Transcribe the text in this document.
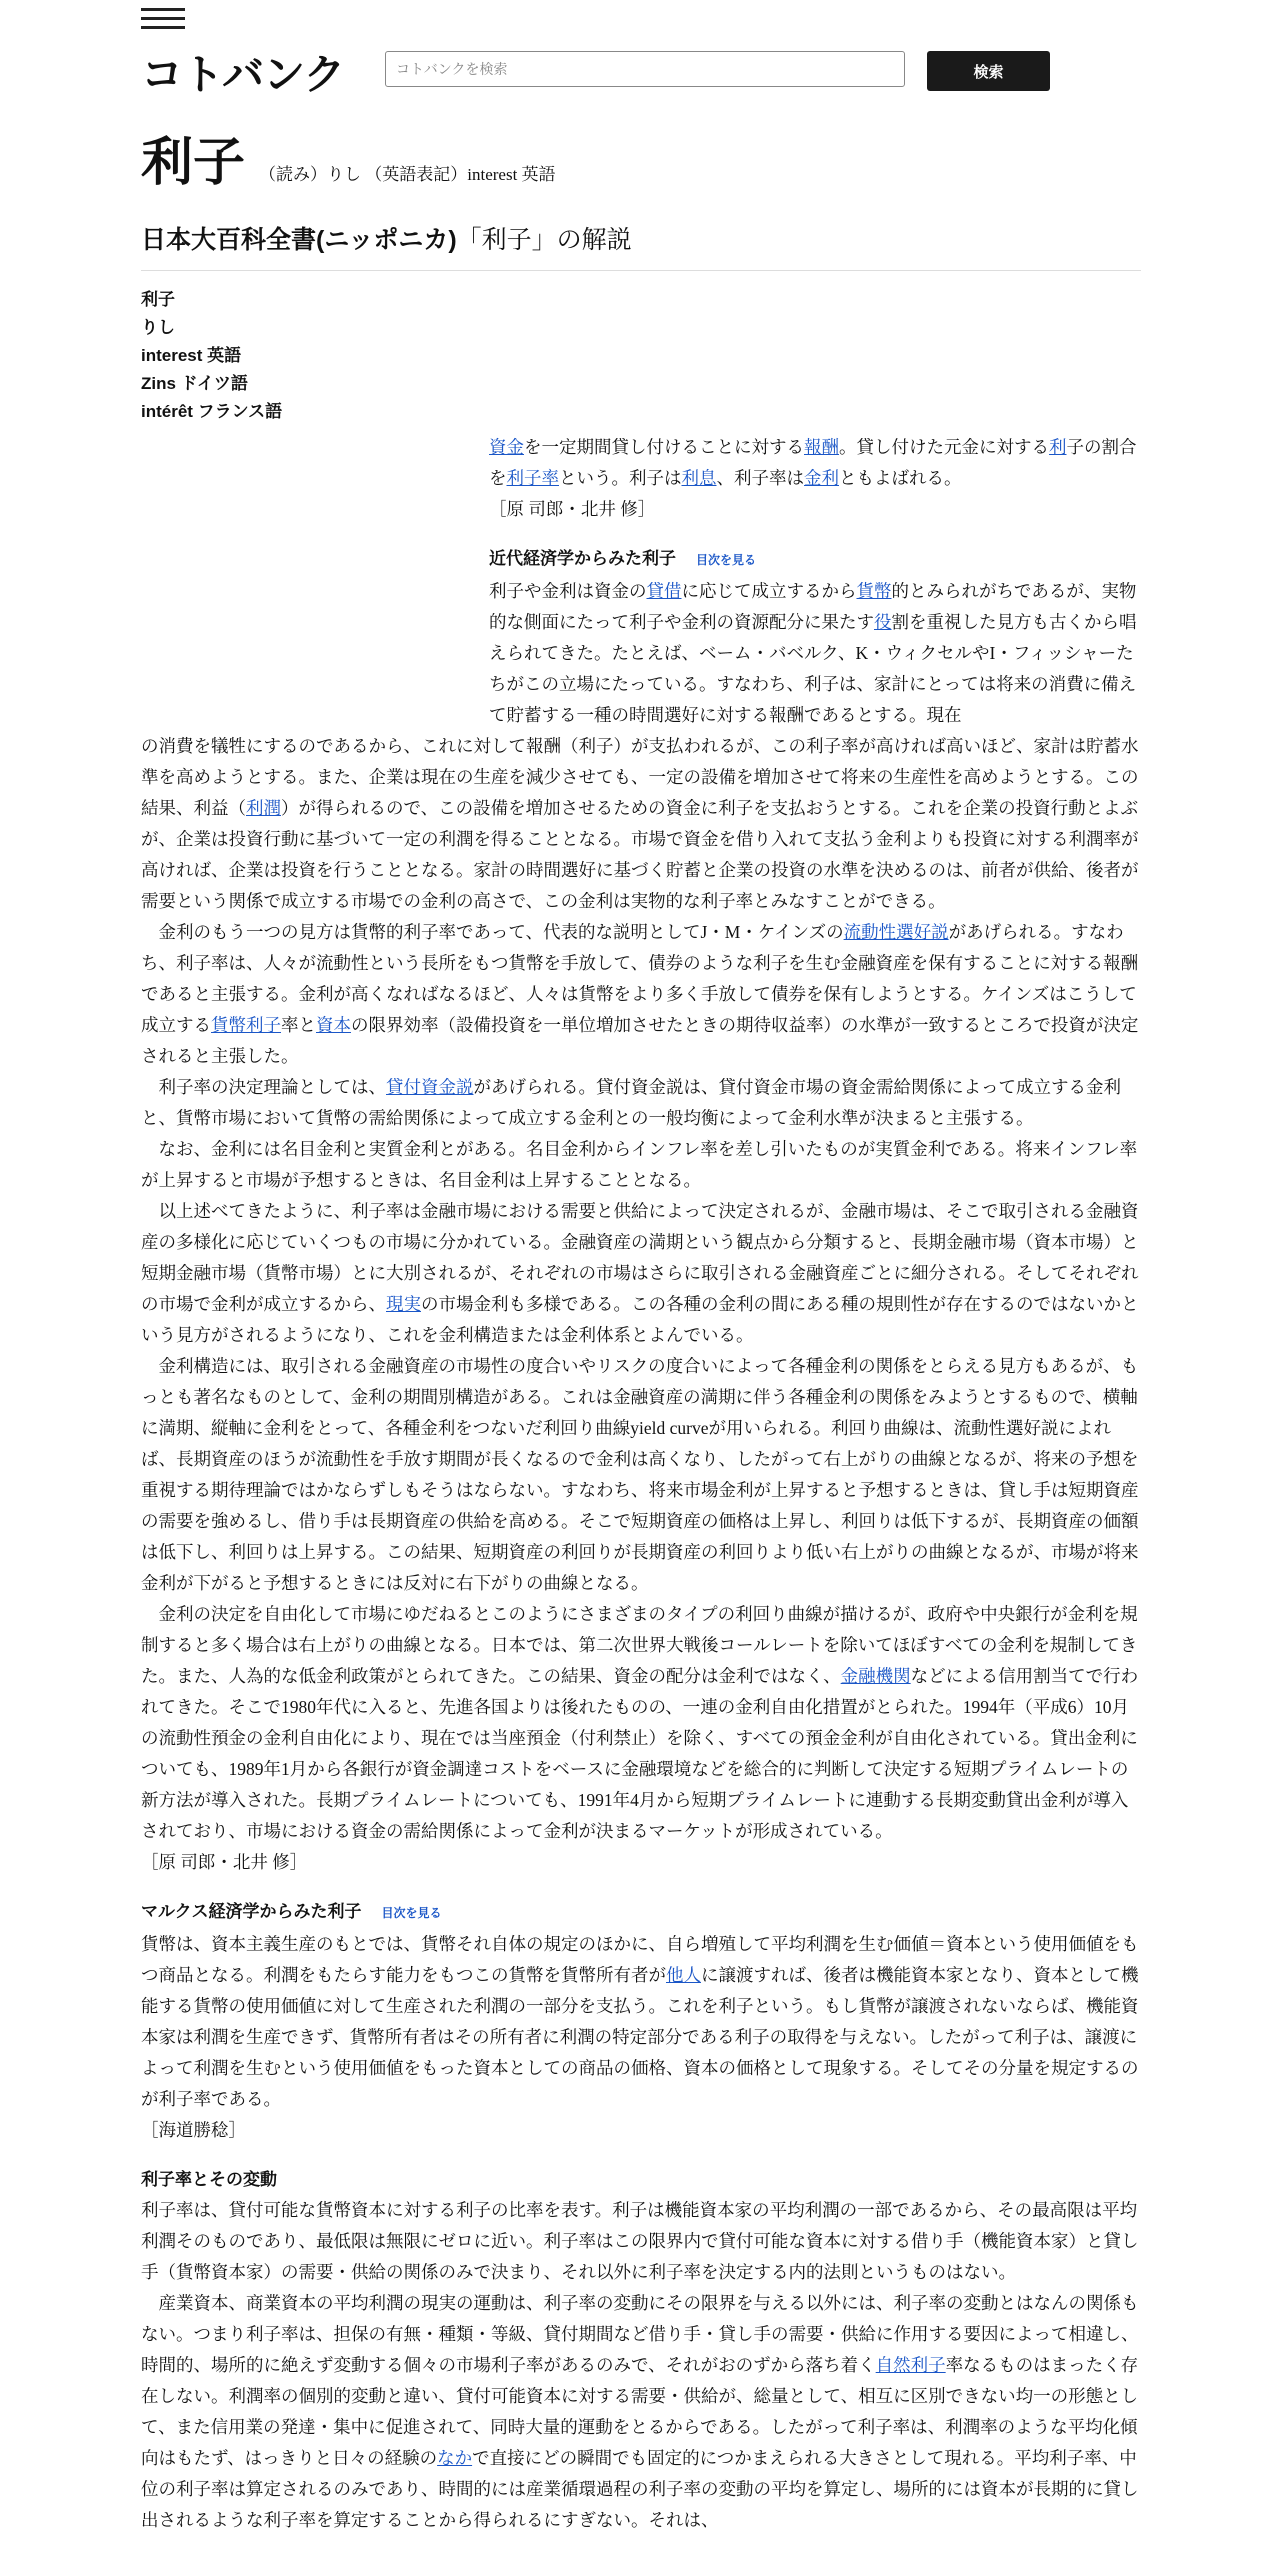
コトバンク
コトバンクを検索	検索
利子 （読み）りし （英語表記）interest 英語
日本大百科全書(ニッポニカ)「利子」の解説
利子
りし
interest 英語
Zins ドイツ語
intérêt フランス語

資金を一定期間貸し付けることに対する報酬。貸し付けた元金に対する利子の割合を利子率という。利子は利息、利子率は金利ともよばれる。

［原 司郎・北井 修］

近代経済学からみた利子 目次を見る

利子や金利は資金の貸借に応じて成立するから貨幣的とみられがちであるが、実物的な側面にたって利子や金利の資源配分に果たす役割を重視した見方も古くから唱えられてきた。たとえば、ベーム・バベルク、K・ウィクセルやI・フィッシャーたちがこの立場にたっている。すなわち、利子は、家計にとっては将来の消費に備えて貯蓄する一種の時間選好に対する報酬であるとする。現在
の消費を犠牲にするのであるから、これに対して報酬（利子）が支払われるが、この利子率が高ければ高いほど、家計は貯蓄水準を高めようとする。また、企業は現在の生産を減少させても、一定の設備を増加させて将来の生産性を高めようとする。この結果、利益（利潤）が得られるので、この設備を増加させるための資金に利子を支払おうとする。これを企業の投資行動とよぶが、企業は投資行動に基づいて一定の利潤を得ることとなる。市場で資金を借り入れて支払う金利よりも投資に対する利潤率が高ければ、企業は投資を行うこととなる。家計の時間選好に基づく貯蓄と企業の投資の水準を決めるのは、前者が供給、後者が需要という関係で成立する市場での金利の高さで、この金利は実物的な利子率とみなすことができる。

　金利のもう一つの見方は貨幣的利子率であって、代表的な説明としてJ・M・ケインズの流動性選好説があげられる。すなわち、利子率は、人々が流動性という長所をもつ貨幣を手放して、債券のような利子を生む金融資産を保有することに対する報酬であると主張する。金利が高くなればなるほど、人々は貨幣をより多く手放して債券を保有しようとする。ケインズはこうして成立する貨幣利子率と資本の限界効率（設備投資を一単位増加させたときの期待収益率）の水準が一致するところで投資が決定されると主張した。

　利子率の決定理論としては、貸付資金説があげられる。貸付資金説は、貸付資金市場の資金需給関係によって成立する金利と、貨幣市場において貨幣の需給関係によって成立する金利との一般均衡によって金利水準が決まると主張する。

　なお、金利には名目金利と実質金利とがある。名目金利からインフレ率を差し引いたものが実質金利である。将来インフレ率が上昇すると市場が予想するときは、名目金利は上昇することとなる。

　以上述べてきたように、利子率は金融市場における需要と供給によって決定されるが、金融市場は、そこで取引される金融資産の多様化に応じていくつもの市場に分かれている。金融資産の満期という観点から分類すると、長期金融市場（資本市場）と短期金融市場（貨幣市場）とに大別されるが、それぞれの市場はさらに取引される金融資産ごとに細分される。そしてそれぞれの市場で金利が成立するから、現実の市場金利も多様である。この各種の金利の間にある種の規則性が存在するのではないかという見方がされるようになり、これを金利構造または金利体系とよんでいる。

　金利構造には、取引される金融資産の市場性の度合いやリスクの度合いによって各種金利の関係をとらえる見方もあるが、もっとも著名なものとして、金利の期間別構造がある。これは金融資産の満期に伴う各種金利の関係をみようとするもので、横軸に満期、縦軸に金利をとって、各種金利をつないだ利回り曲線yield curveが用いられる。利回り曲線は、流動性選好説によれば、長期資産のほうが流動性を手放す期間が長くなるので金利は高くなり、したがって右上がりの曲線となるが、将来の予想を重視する期待理論ではかならずしもそうはならない。すなわち、将来市場金利が上昇すると予想するときは、貸し手は短期資産の需要を強めるし、借り手は長期資産の供給を高める。そこで短期資産の価格は上昇し、利回りは低下するが、長期資産の価額は低下し、利回りは上昇する。この結果、短期資産の利回りが長期資産の利回りより低い右上がりの曲線となるが、市場が将来金利が下がると予想するときには反対に右下がりの曲線となる。

　金利の決定を自由化して市場にゆだねるとこのようにさまざまのタイプの利回り曲線が描けるが、政府や中央銀行が金利を規制すると多く場合は右上がりの曲線となる。日本では、第二次世界大戦後コールレートを除いてほぼすべての金利を規制してきた。また、人為的な低金利政策がとられてきた。この結果、資金の配分は金利ではなく、金融機関などによる信用割当てで行われてきた。そこで1980年代に入ると、先進各国よりは後れたものの、一連の金利自由化措置がとられた。1994年（平成6）10月の流動性預金の金利自由化により、現在では当座預金（付利禁止）を除く、すべての預金金利が自由化されている。貸出金利についても、1989年1月から各銀行が資金調達コストをベースに金融環境などを総合的に判断して決定する短期プライムレートの新方法が導入された。長期プライムレートについても、1991年4月から短期プライムレートに連動する長期変動貸出金利が導入されており、市場における資金の需給関係によって金利が決まるマーケットが形成されている。

［原 司郎・北井 修］

マルクス経済学からみた利子 目次を見る

貨幣は、資本主義生産のもとでは、貨幣それ自体の規定のほかに、自ら増殖して平均利潤を生む価値＝資本という使用価値をもつ商品となる。利潤をもたらす能力をもつこの貨幣を貨幣所有者が他人に譲渡すれば、後者は機能資本家となり、資本として機能する貨幣の使用価値に対して生産された利潤の一部分を支払う。これを利子という。もし貨幣が譲渡されないならば、機能資本家は利潤を生産できず、貨幣所有者はその所有者に利潤の特定部分である利子の取得を与えない。したがって利子は、譲渡によって利潤を生むという使用価値をもった資本としての商品の価格、資本の価格として現象する。そしてその分量を規定するのが利子率である。

［海道勝稔］

利子率とその変動

利子率は、貸付可能な貨幣資本に対する利子の比率を表す。利子は機能資本家の平均利潤の一部であるから、その最高限は平均利潤そのものであり、最低限は無限にゼロに近い。利子率はこの限界内で貸付可能な資本に対する借り手（機能資本家）と貸し手（貨幣資本家）の需要・供給の関係のみで決まり、それ以外に利子率を決定する内的法則というものはない。

　産業資本、商業資本の平均利潤の現実の運動は、利子率の変動にその限界を与える以外には、利子率の変動とはなんの関係もない。つまり利子率は、担保の有無・種類・等級、貸付期間など借り手・貸し手の需要・供給に作用する要因によって相違し、時間的、場所的に絶えず変動する個々の市場利子率があるのみで、それがおのずから落ち着く自然利子率なるものはまったく存在しない。利潤率の個別的変動と違い、貸付可能資本に対する需要・供給が、総量として、相互に区別できない均一の形態として、また信用業の発達・集中に促進されて、同時大量的運動をとるからである。したがって利子率は、利潤率のような平均化傾向はもたず、はっきりと日々の経験のなかで直接にどの瞬間でも固定的につかまえられる大きさとして現れる。平均利子率、中位の利子率は算定されるのみであり、時間的には産業循環過程の利子率の変動の平均を算定し、場所的には資本が長期的に貸し出されるような利子率を算定することから得られるにすぎない。それは、
